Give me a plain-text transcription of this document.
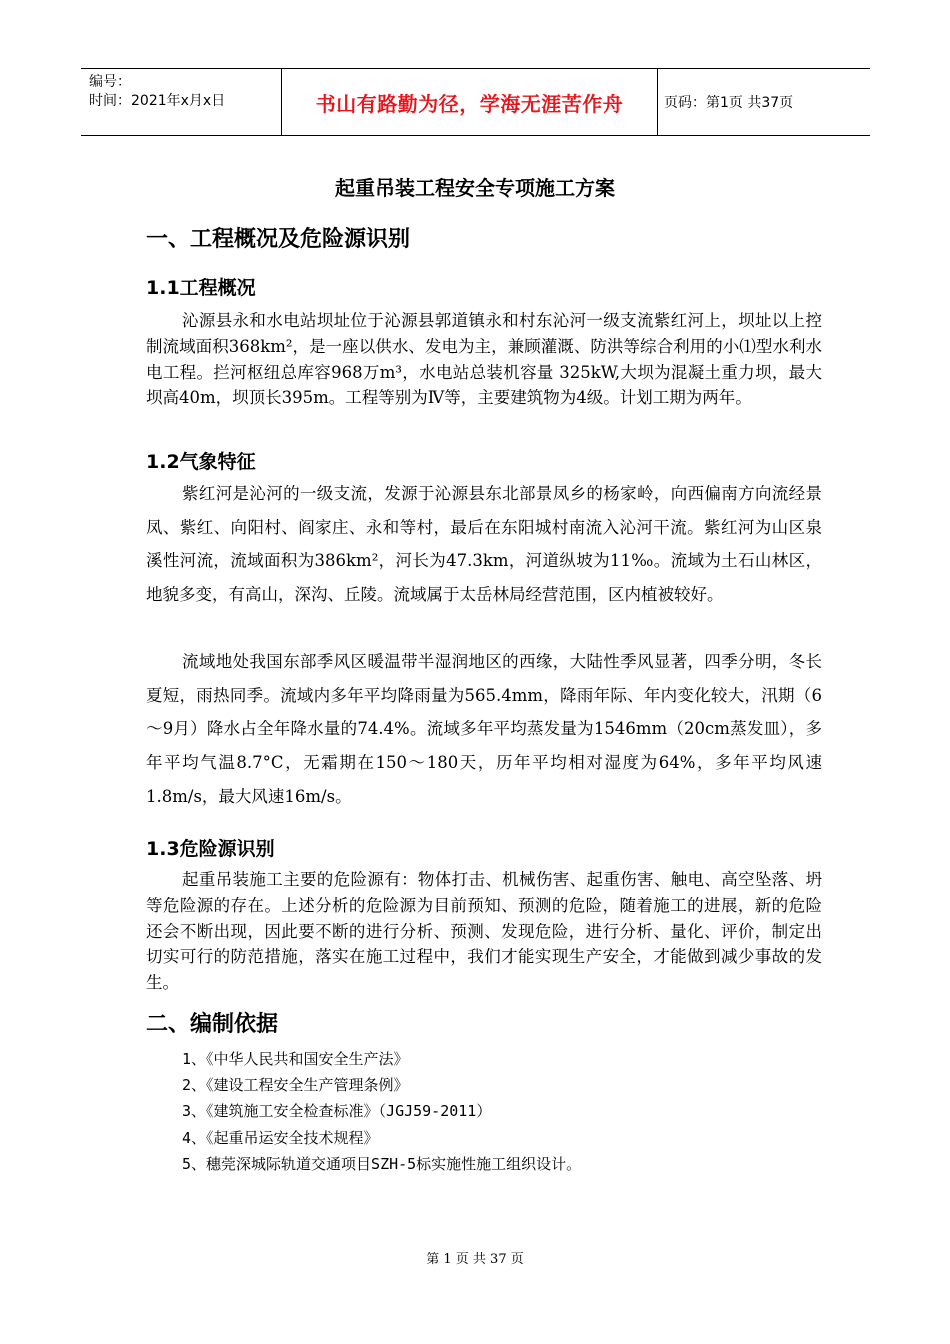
编号：
时间：2021年x月x日	书山有路勤为径，学海无涯苦作舟	页码：第1页 共37页
起重吊装工程安全专项施工方案
一、工程概况及危险源识别
1.1工程概况

沁源县永和水电站坝址位于沁源县郭道镇永和村东沁河一级支流紫红河上，坝址以上控制流域面积368km²，是一座以供水、发电为主，兼顾灌溉、防洪等综合利用的小⑴型水利水电工程。拦河枢纽总库容968万m³，水电站总装机容量 325kW,大坝为混凝土重力坝，最大坝高40m，坝顶长395m。工程等别为Ⅳ等，主要建筑物为4级。计划工期为两年。

1.2气象特征

紫红河是沁河的一级支流，发源于沁源县东北部景凤乡的杨家岭，向西偏南方向流经景凤、紫红、向阳村、阎家庄、永和等村，最后在东阳城村南流入沁河干流。紫红河为山区泉溪性河流，流域面积为386km²，河长为47.3km，河道纵坡为11‰。流域为土石山林区，地貌多变，有高山，深沟、丘陵。流域属于太岳林局经营范围，区内植被较好。

流域地处我国东部季风区暖温带半湿润地区的西缘，大陆性季风显著，四季分明，冬长夏短，雨热同季。流域内多年平均降雨量为565.4mm，降雨年际、年内变化较大，汛期（6～9月）降水占全年降水量的74.4%。流域多年平均蒸发量为1546mm（20cm蒸发皿），多年平均气温8.7°C，无霜期在150～180天，历年平均相对湿度为64%，多年平均风速1.8m/s，最大风速16m/s。

1.3危险源识别

起重吊装施工主要的危险源有：物体打击、机械伤害、起重伤害、触电、高空坠落、坍等危险源的存在。上述分析的危险源为目前预知、预测的危险，随着施工的进展，新的危险还会不断出现，因此要不断的进行分析、预测、发现危险，进行分析、量化、评价，制定出切实可行的防范措施，落实在施工过程中，我们才能实现生产安全，才能做到减少事故的发生。

二、编制依据
1、《中华人民共和国安全生产法》
2、《建设工程安全生产管理条例》
3、《建筑施工安全检查标准》（JGJ59-2011）
4、《起重吊运安全技术规程》
5、穗莞深城际轨道交通项目SZH-5标实施性施工组织设计。
第 1 页 共 37 页
